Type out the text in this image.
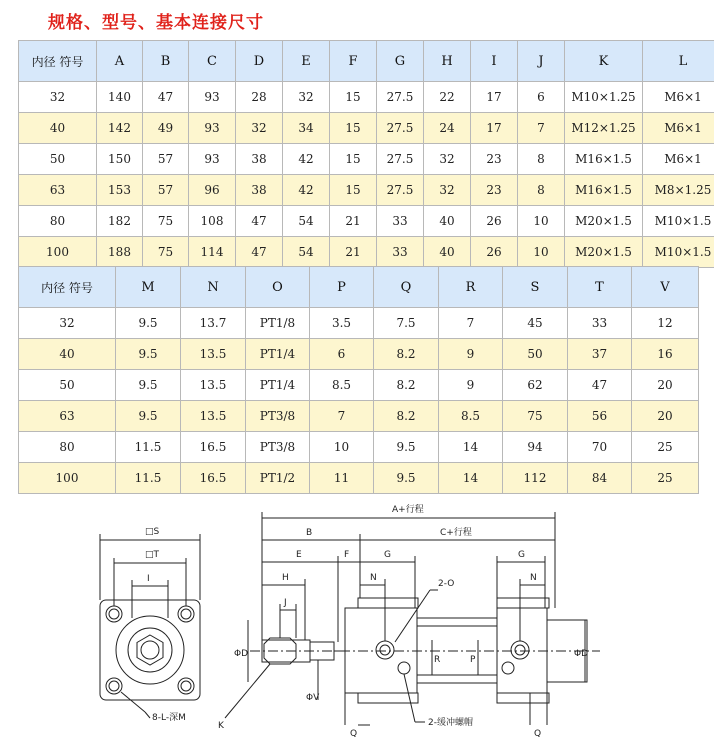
规格、型号、基本连接尺寸
内径 符号	A	B	C	D	E	F	G	H	I	J	K	L
32	140	47	93	28	32	15	27.5	22	17	6	M10×1.25	M6×1
40	142	49	93	32	34	15	27.5	24	17	7	M12×1.25	M6×1
50	150	57	93	38	42	15	27.5	32	23	8	M16×1.5	M6×1
63	153	57	96	38	42	15	27.5	32	23	8	M16×1.5	M8×1.25
80	182	75	108	47	54	21	33	40	26	10	M20×1.5	M10×1.5
100	188	75	114	47	54	21	33	40	26	10	M20×1.5	M10×1.5
内径 符号	M	N	O	P	Q	R	S	T	V
32	9.5	13.7	PT1/8	3.5	7.5	7	45	33	12
40	9.5	13.5	PT1/4	6	8.2	9	50	37	16
50	9.5	13.5	PT1/4	8.5	8.2	9	62	47	20
63	9.5	13.5	PT3/8	7	8.2	8.5	75	56	20
80	11.5	16.5	PT3/8	10	9.5	14	94	70	25
100	11.5	16.5	PT1/2	11	9.5	14	112	84	25
□S
□T
I
8-L-深M
A+行程
B	C+行程
E	F	G	G
H	N	N
J
2-O
ΦD
ΦV
K
Q	Q
R	P
2-缓冲螺帽
ΦD
